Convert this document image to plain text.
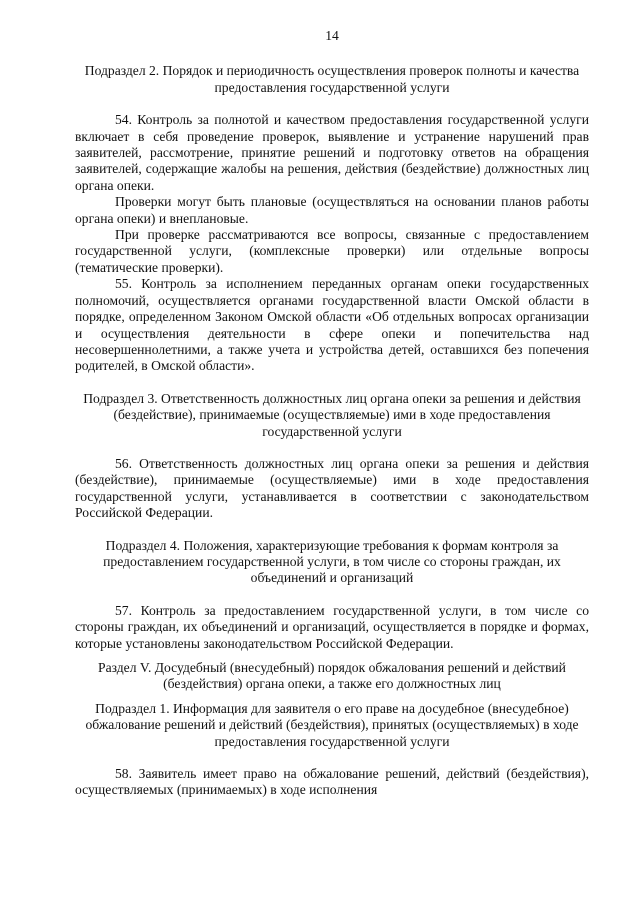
14

Подраздел 2. Порядок и периодичность осуществления проверок полноты и качества предоставления государственной услуги

54. Контроль за полнотой и качеством предоставления государственной услуги включает в себя проведение проверок, выявление и устранение нарушений прав заявителей, рассмотрение, принятие решений и подготовку ответов на обращения заявителей, содержащие жалобы на решения, действия (бездействие) должностных лиц органа опеки.

Проверки могут быть плановые (осуществляться на основании планов работы органа опеки) и внеплановые.

При проверке рассматриваются все вопросы, связанные с предоставлением государственной услуги, (комплексные проверки) или отдельные вопросы (тематические проверки).

55. Контроль за исполнением переданных органам опеки государственных полномочий, осуществляется органами государственной власти Омской области в порядке, определенном Законом Омской области «Об отдельных вопросах организации и осуществления деятельности в сфере опеки и попечительства над несовершеннолетними, а также учета и устройства детей, оставшихся без попечения родителей, в Омской области».

Подраздел 3. Ответственность должностных лиц органа опеки за решения и действия (бездействие), принимаемые (осуществляемые) ими в ходе предоставления государственной услуги

56. Ответственность должностных лиц органа опеки за решения и действия (бездействие), принимаемые (осуществляемые) ими в ходе предоставления государственной услуги, устанавливается в соответствии с законодательством Российской Федерации.

Подраздел 4. Положения, характеризующие требования к формам контроля за предоставлением государственной услуги, в том числе со стороны граждан, их объединений и организаций

57. Контроль за предоставлением государственной услуги, в том числе со стороны граждан, их объединений и организаций, осуществляется в порядке и формах, которые установлены законодательством Российской Федерации.

Раздел V. Досудебный (внесудебный) порядок обжалования решений и действий (бездействия) органа опеки, а также его должностных лиц

Подраздел 1. Информация для заявителя о его праве на досудебное (внесудебное) обжалование решений и действий (бездействия), принятых (осуществляемых) в ходе предоставления государственной услуги

58. Заявитель имеет право на обжалование решений, действий (бездействия), осуществляемых (принимаемых) в ходе исполнения
